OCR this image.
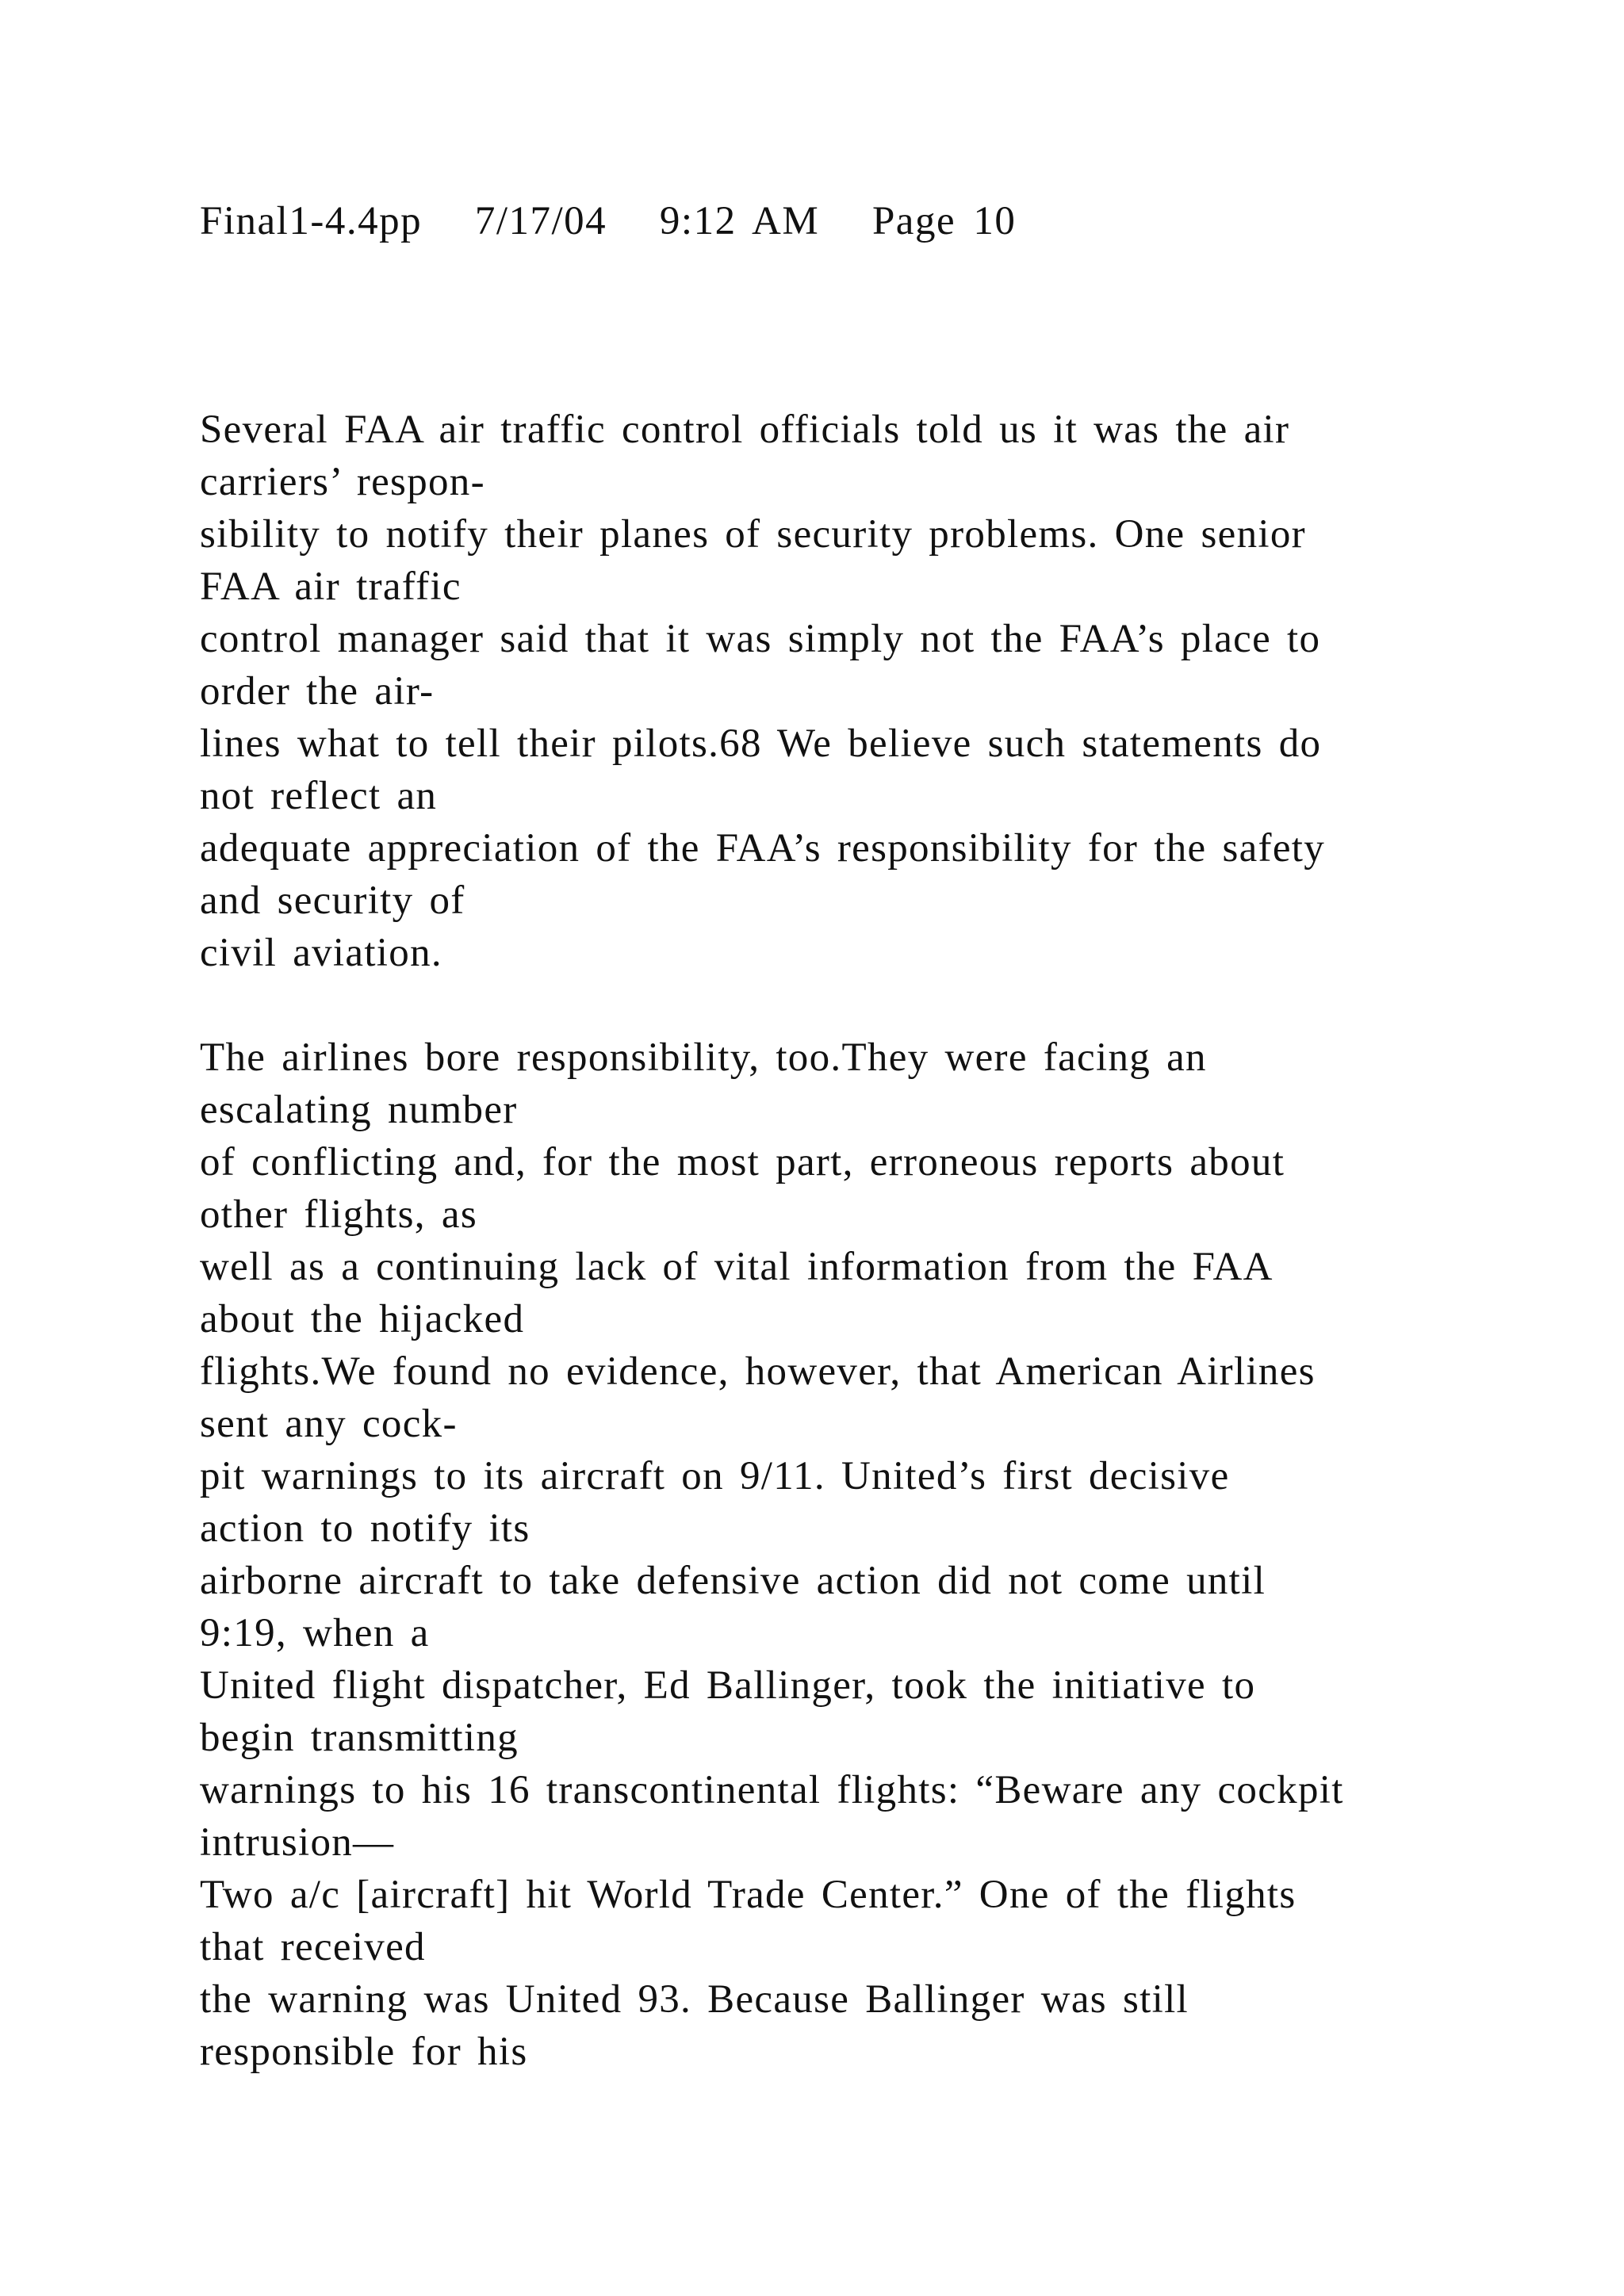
Final1-4.4pp   7/17/04   9:12 AM   Page 10
Several FAA air traffic control officials told us it was the air
carriers’ respon-
sibility to notify their planes of security problems. One senior
FAA air traffic
control manager said that it was simply not the FAA’s place to
order the air-
lines what to tell their pilots.68 We believe such statements do
not reflect an
adequate appreciation of the FAA’s responsibility for the safety
and security of
civil aviation.
The airlines bore responsibility, too.They were facing an
escalating number
of conflicting and, for the most part, erroneous reports about
other flights, as
well as a continuing lack of vital information from the FAA
about the hijacked
flights.We found no evidence, however, that American Airlines
sent any cock-
pit warnings to its aircraft on 9/11. United’s first decisive
action to notify its
airborne aircraft to take defensive action did not come until
9:19, when a
United flight dispatcher, Ed Ballinger, took the initiative to
begin transmitting
warnings to his 16 transcontinental flights: “Beware any cockpit
intrusion—
Two a/c [aircraft] hit World Trade Center.” One of the flights
that received
the warning was United 93. Because Ballinger was still
responsible for his
